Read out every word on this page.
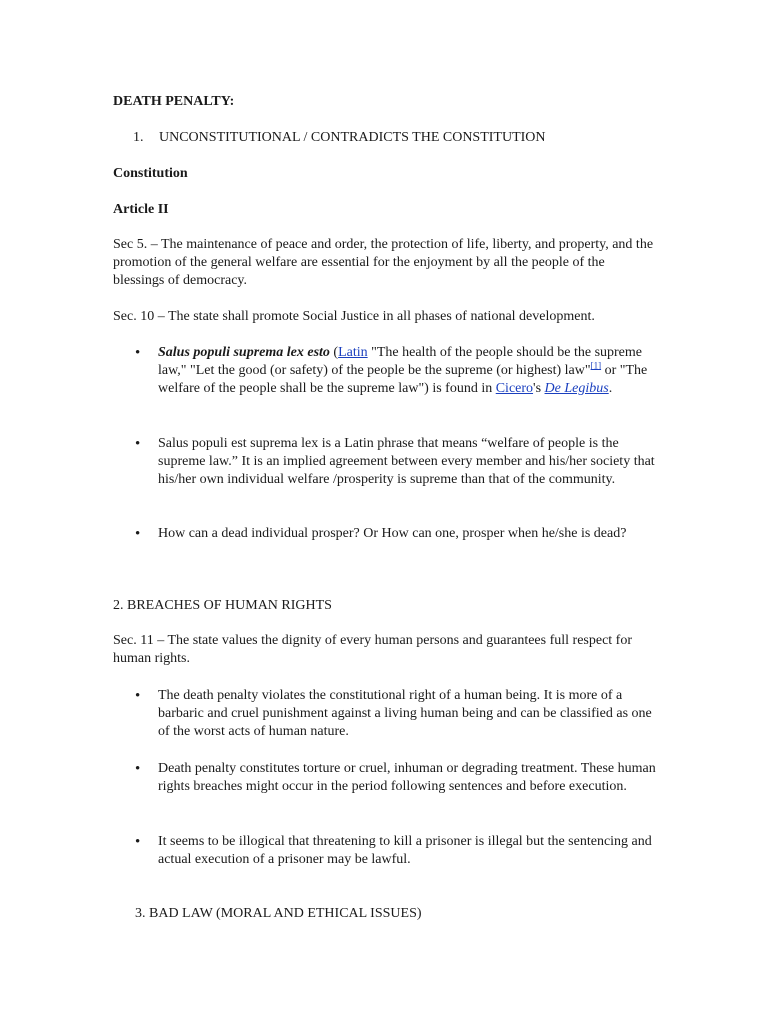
DEATH PENALTY:
1. UNCONSTITUTIONAL / CONTRADICTS THE CONSTITUTION
Constitution
Article II

Sec 5. – The maintenance of peace and order, the protection of life, liberty, and property, and the promotion of the general welfare are essential for the enjoyment by all the people of the blessings of democracy.

Sec. 10 – The state shall promote Social Justice in all phases of national development.

• Salus populi suprema lex esto (Latin "The health of the people should be the supreme law," "Let the good (or safety) of the people be the supreme (or highest) law"[1] or "The welfare of the people shall be the supreme law") is found in Cicero's De Legibus.

• Salus populi est suprema lex is a Latin phrase that means “welfare of people is the supreme law.” It is an implied agreement between every member and his/her society that his/her own individual welfare /prosperity is supreme than that of the community.

• How can a dead individual prosper? Or How can one, prosper when he/she is dead?

2. BREACHES OF HUMAN RIGHTS

Sec. 11 – The state values the dignity of every human persons and guarantees full respect for human rights.

• The death penalty violates the constitutional right of a human being. It is more of a barbaric and cruel punishment against a living human being and can be classified as one of the worst acts of human nature.

• Death penalty constitutes torture or cruel, inhuman or degrading treatment. These human rights breaches might occur in the period following sentences and before execution.

• It seems to be illogical that threatening to kill a prisoner is illegal but the sentencing and actual execution of a prisoner may be lawful.

3. BAD LAW (MORAL AND ETHICAL ISSUES)
